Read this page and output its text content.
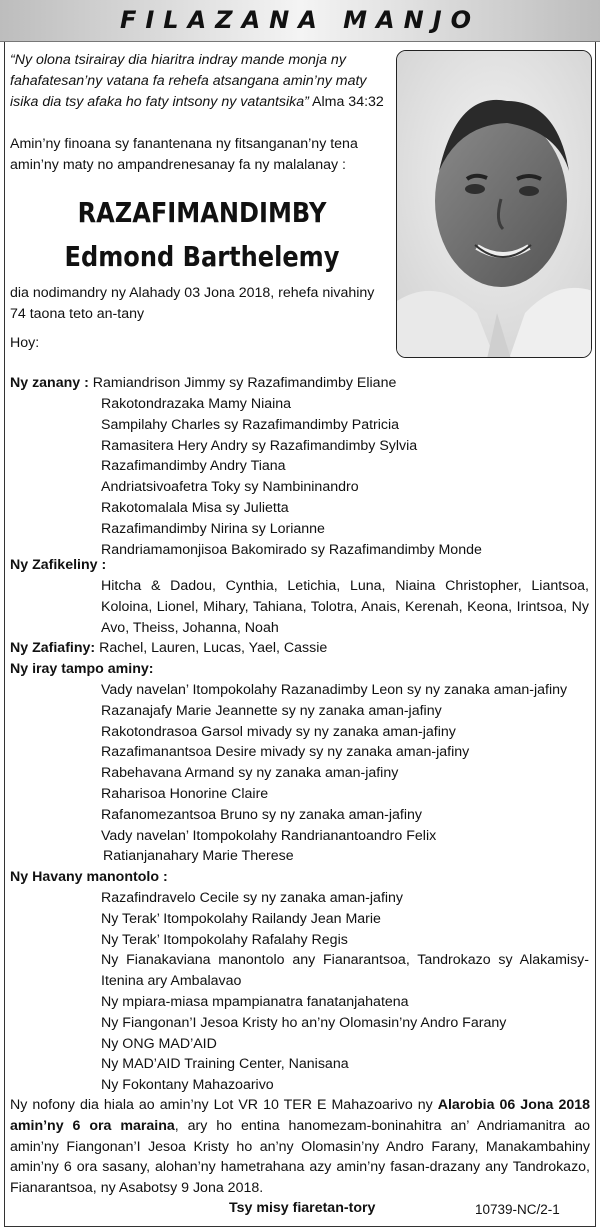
FILAZANA MANJO
“Ny olona tsirairay dia hiaritra indray mande monja ny fahafatesan’ny vatana fa rehefa atsangana amin’ny maty isika dia tsy afaka ho faty intsony ny vatantsika” Alma 34:32
Amin’ny finoana sy fanantenana ny fitsanganan’ny tena amin’ny maty no ampandrenesanay fa ny malalanay :
RAZAFIMANDIMBY
Edmond Barthelemy
dia nodimandry ny Alahady 03 Jona 2018, rehefa nivahiny 74 taona teto an-tany
Hoy:
Ny zanany : Ramiandrison Jimmy sy Razafimandimby Eliane
Rakotondrazaka Mamy Niaina
Sampilahy Charles sy Razafimandimby Patricia
Ramasitera Hery Andry sy Razafimandimby Sylvia
Razafimandimby Andry Tiana
Andriatsivoafetra Toky sy Nambininandro
Rakotomalala Misa sy Julietta
Razafimandimby Nirina sy Lorianne
Randriamamonjisoa Bakomirado sy Razafimandimby Monde
Ny Zafikeliny :
Hitcha & Dadou, Cynthia, Letichia, Luna, Niaina Christopher, Liantsoa, Koloina, Lionel, Mihary, Tahiana, Tolotra, Anais, Kerenah, Keona, Irintsoa, Ny Avo, Theiss, Johanna, Noah
Ny Zafiafiny: Rachel, Lauren, Lucas, Yael, Cassie
Ny iray tampo aminy:
Vady navelan’ Itompokolahy Razanadimby Leon sy ny zanaka aman-jafiny
Razanajafy Marie Jeannette sy ny zanaka aman-jafiny
Rakotondrasoa Garsol mivady sy ny zanaka aman-jafiny
Razafimanantsoa Desire mivady sy ny zanaka aman-jafiny
Rabehavana Armand sy ny zanaka aman-jafiny
Raharisoa Honorine Claire
Rafanomezantsoa Bruno sy ny zanaka aman-jafiny
Vady navelan’ Itompokolahy Randrianantoandro Felix
Ratianjanahary Marie Therese
Ny Havany manontolo :
Razafindravelo Cecile sy ny zanaka aman-jafiny
Ny Terak’ Itompokolahy Railandy Jean Marie
Ny Terak’ Itompokolahy Rafalahy Regis
Ny Fianakaviana manontolo any Fianarantsoa, Tandrokazo sy Alakamisy-Itenina ary Ambalavao
Ny mpiara-miasa mpampianatra fanatanjahatena
Ny Fiangonan’I Jesoa Kristy ho an’ny Olomasin’ny Andro Farany
Ny ONG MAD’AID
Ny MAD’AID Training Center, Nanisana
Ny Fokontany Mahazoarivo
Ny nofony dia hiala ao amin’ny Lot VR 10 TER E Mahazoarivo ny Alarobia 06 Jona 2018 amin’ny 6 ora maraina, ary ho entina hanomezam-boninahitra an’ Andriamanitra ao amin’ny Fiangonan’I Jesoa Kristy ho an’ny Olomasin’ny Andro Farany, Manakambahiny amin’ny 6 ora sasany, alohan’ny hametrahana azy amin’ny fasan-drazany any Tandrokazo, Fianarantsoa, ny Asabotsy 9 Jona 2018.
Tsy misy fiaretan-tory	10739-NC/2-1
